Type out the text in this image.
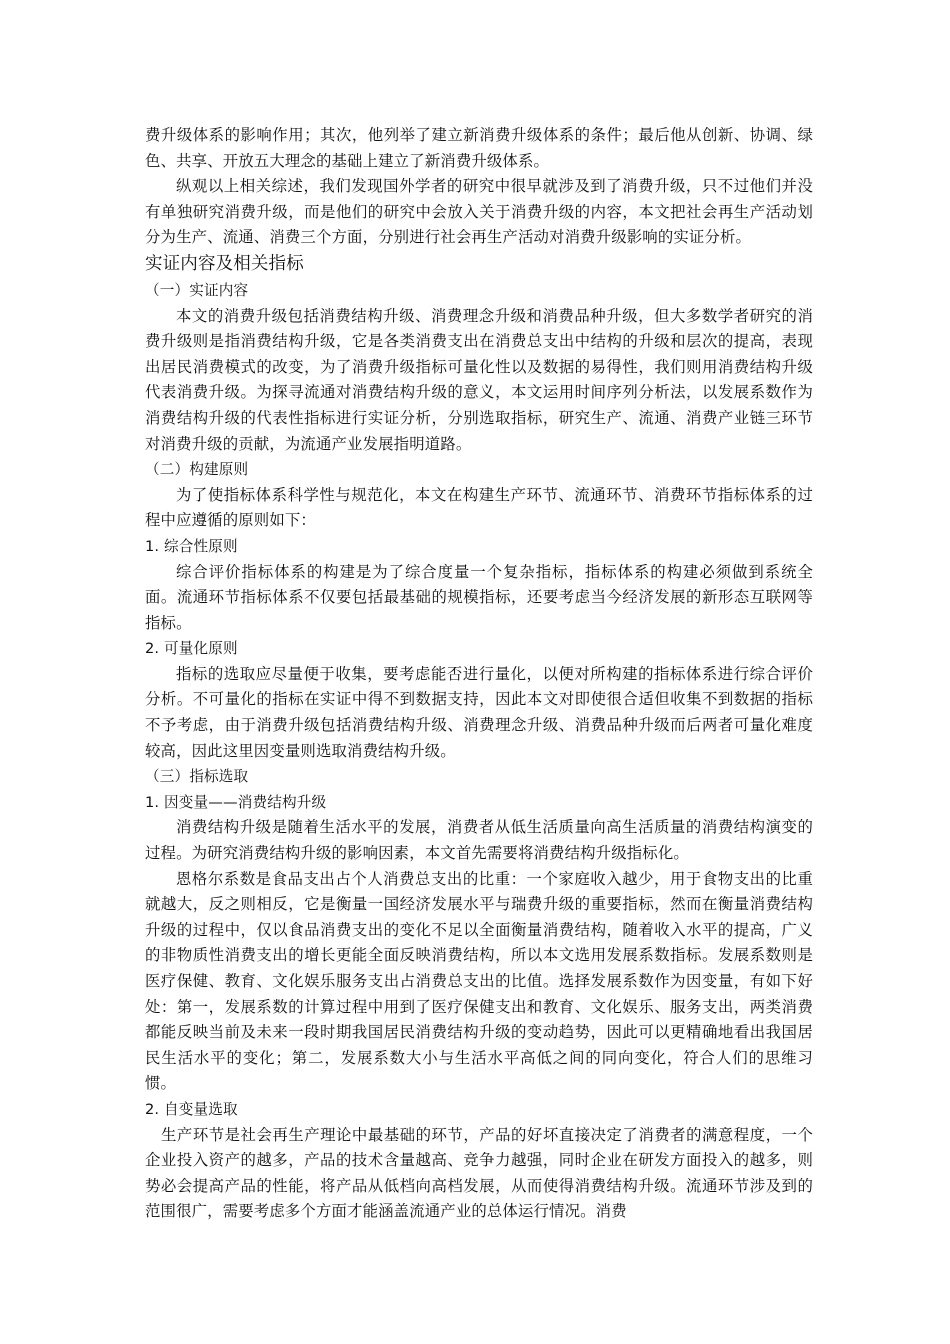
费升级体系的影响作用；其次，他列举了建立新消费升级体系的条件；最后他从创新、协调、绿色、共享、开放五大理念的基础上建立了新消费升级体系。

纵观以上相关综述，我们发现国外学者的研究中很早就涉及到了消费升级，只不过他们并没有单独研究消费升级，而是他们的研究中会放入关于消费升级的内容，本文把社会再生产活动划分为生产、流通、消费三个方面，分别进行社会再生产活动对消费升级影响的实证分析。

实证内容及相关指标

（一）实证内容

本文的消费升级包括消费结构升级、消费理念升级和消费品种升级，但大多数学者研究的消费升级则是指消费结构升级，它是各类消费支出在消费总支出中结构的升级和层次的提高，表现出居民消费模式的改变，为了消费升级指标可量化性以及数据的易得性，我们则用消费结构升级代表消费升级。为探寻流通对消费结构升级的意义，本文运用时间序列分析法，以发展系数作为消费结构升级的代表性指标进行实证分析，分别选取指标，研究生产、流通、消费产业链三环节对消费升级的贡献，为流通产业发展指明道路。

（二）构建原则

为了使指标体系科学性与规范化，本文在构建生产环节、流通环节、消费环节指标体系的过程中应遵循的原则如下：

1. 综合性原则

综合评价指标体系的构建是为了综合度量一个复杂指标，指标体系的构建必须做到系统全面。流通环节指标体系不仅要包括最基础的规模指标，还要考虑当今经济发展的新形态互联网等指标。

2. 可量化原则

指标的选取应尽量便于收集，要考虑能否进行量化，以便对所构建的指标体系进行综合评价分析。不可量化的指标在实证中得不到数据支持，因此本文对即使很合适但收集不到数据的指标不予考虑，由于消费升级包括消费结构升级、消费理念升级、消费品种升级而后两者可量化难度较高，因此这里因变量则选取消费结构升级。

（三）指标选取

1. 因变量——消费结构升级

消费结构升级是随着生活水平的发展，消费者从低生活质量向高生活质量的消费结构演变的过程。为研究消费结构升级的影响因素，本文首先需要将消费结构升级指标化。

恩格尔系数是食品支出占个人消费总支出的比重：一个家庭收入越少，用于食物支出的比重就越大，反之则相反，它是衡量一国经济发展水平与瑞费升级的重要指标，然而在衡量消费结构升级的过程中，仅以食品消费支出的变化不足以全面衡量消费结构，随着收入水平的提高，广义的非物质性消费支出的增长更能全面反映消费结构，所以本文选用发展系数指标。发展系数则是医疗保健、教育、文化娱乐服务支出占消费总支出的比值。选择发展系数作为因变量，有如下好处：第一，发展系数的计算过程中用到了医疗保健支出和教育、文化娱乐、服务支出，两类消费都能反映当前及未来一段时期我国居民消费结构升级的变动趋势，因此可以更精确地看出我国居民生活水平的变化；第二，发展系数大小与生活水平高低之间的同向变化，符合人们的思维习惯。

2. 自变量选取

生产环节是社会再生产理论中最基础的环节，产品的好坏直接决定了消费者的满意程度，一个企业投入资产的越多，产品的技术含量越高、竞争力越强，同时企业在研发方面投入的越多，则势必会提高产品的性能，将产品从低档向高档发展，从而使得消费结构升级。流通环节涉及到的范围很广，需要考虑多个方面才能涵盖流通产业的总体运行情况。消费
